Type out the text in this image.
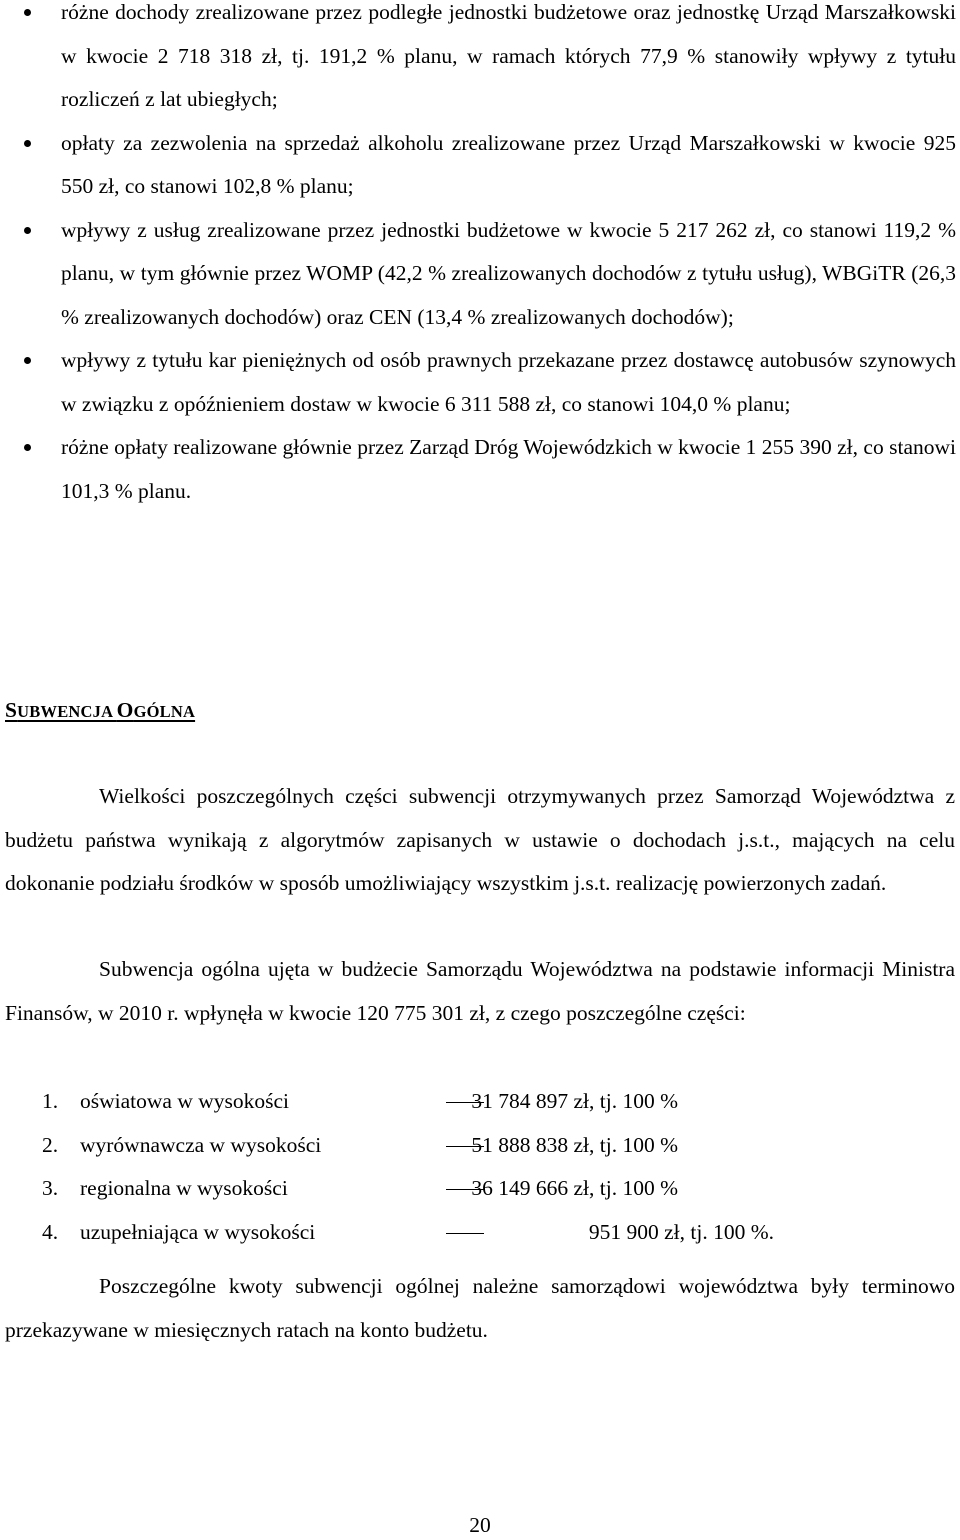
różne dochody zrealizowane przez podległe jednostki budżetowe oraz jednostkę Urząd Marszałkowski w kwocie 2 718 318 zł, tj. 191,2 % planu, w ramach których 77,9 % stanowiły wpływy z tytułu rozliczeń z lat ubiegłych;
opłaty za zezwolenia na sprzedaż alkoholu zrealizowane przez Urząd Marszałkowski w kwocie 925 550 zł, co stanowi 102,8 % planu;
wpływy z usług zrealizowane przez jednostki budżetowe w kwocie 5 217 262 zł, co stanowi 119,2 % planu, w tym głównie przez WOMP (42,2 % zrealizowanych dochodów z tytułu usług), WBGiTR (26,3 % zrealizowanych dochodów) oraz CEN (13,4 % zrealizowanych dochodów);
wpływy z tytułu kar pieniężnych od osób prawnych przekazane przez dostawcę autobusów szynowych w związku z opóźnieniem dostaw w kwocie 6 311 588 zł, co stanowi 104,0 % planu;
różne opłaty realizowane głównie przez Zarząd Dróg Wojewódzkich w kwocie 1 255 390 zł, co stanowi 101,3 % planu.
SUBWENCJA OGÓLNA

Wielkości poszczególnych części subwencji otrzymywanych przez Samorząd Województwa z budżetu państwa wynikają z algorytmów zapisanych w ustawie o dochodach j.s.t., mających na celu dokonanie podziału środków w sposób umożliwiający wszystkim j.s.t. realizację powierzonych zadań.

Subwencja ogólna ujęta w budżecie Samorządu Województwa na podstawie informacji Ministra Finansów, w 2010 r. wpłynęła w kwocie 120 775 301 zł, z czego poszczególne części:

1. oświatowa w wysokości	31 784 897 zł, tj. 100 %
2. wyrównawcza w wysokości	51 888 838 zł, tj. 100 %
3. regionalna w wysokości	36 149 666 zł, tj. 100 %
4. uzupełniająca w wysokości	951 900 zł, tj. 100 %.

Poszczególne kwoty subwencji ogólnej należne samorządowi województwa były terminowo przekazywane w miesięcznych ratach na konto budżetu.

20
